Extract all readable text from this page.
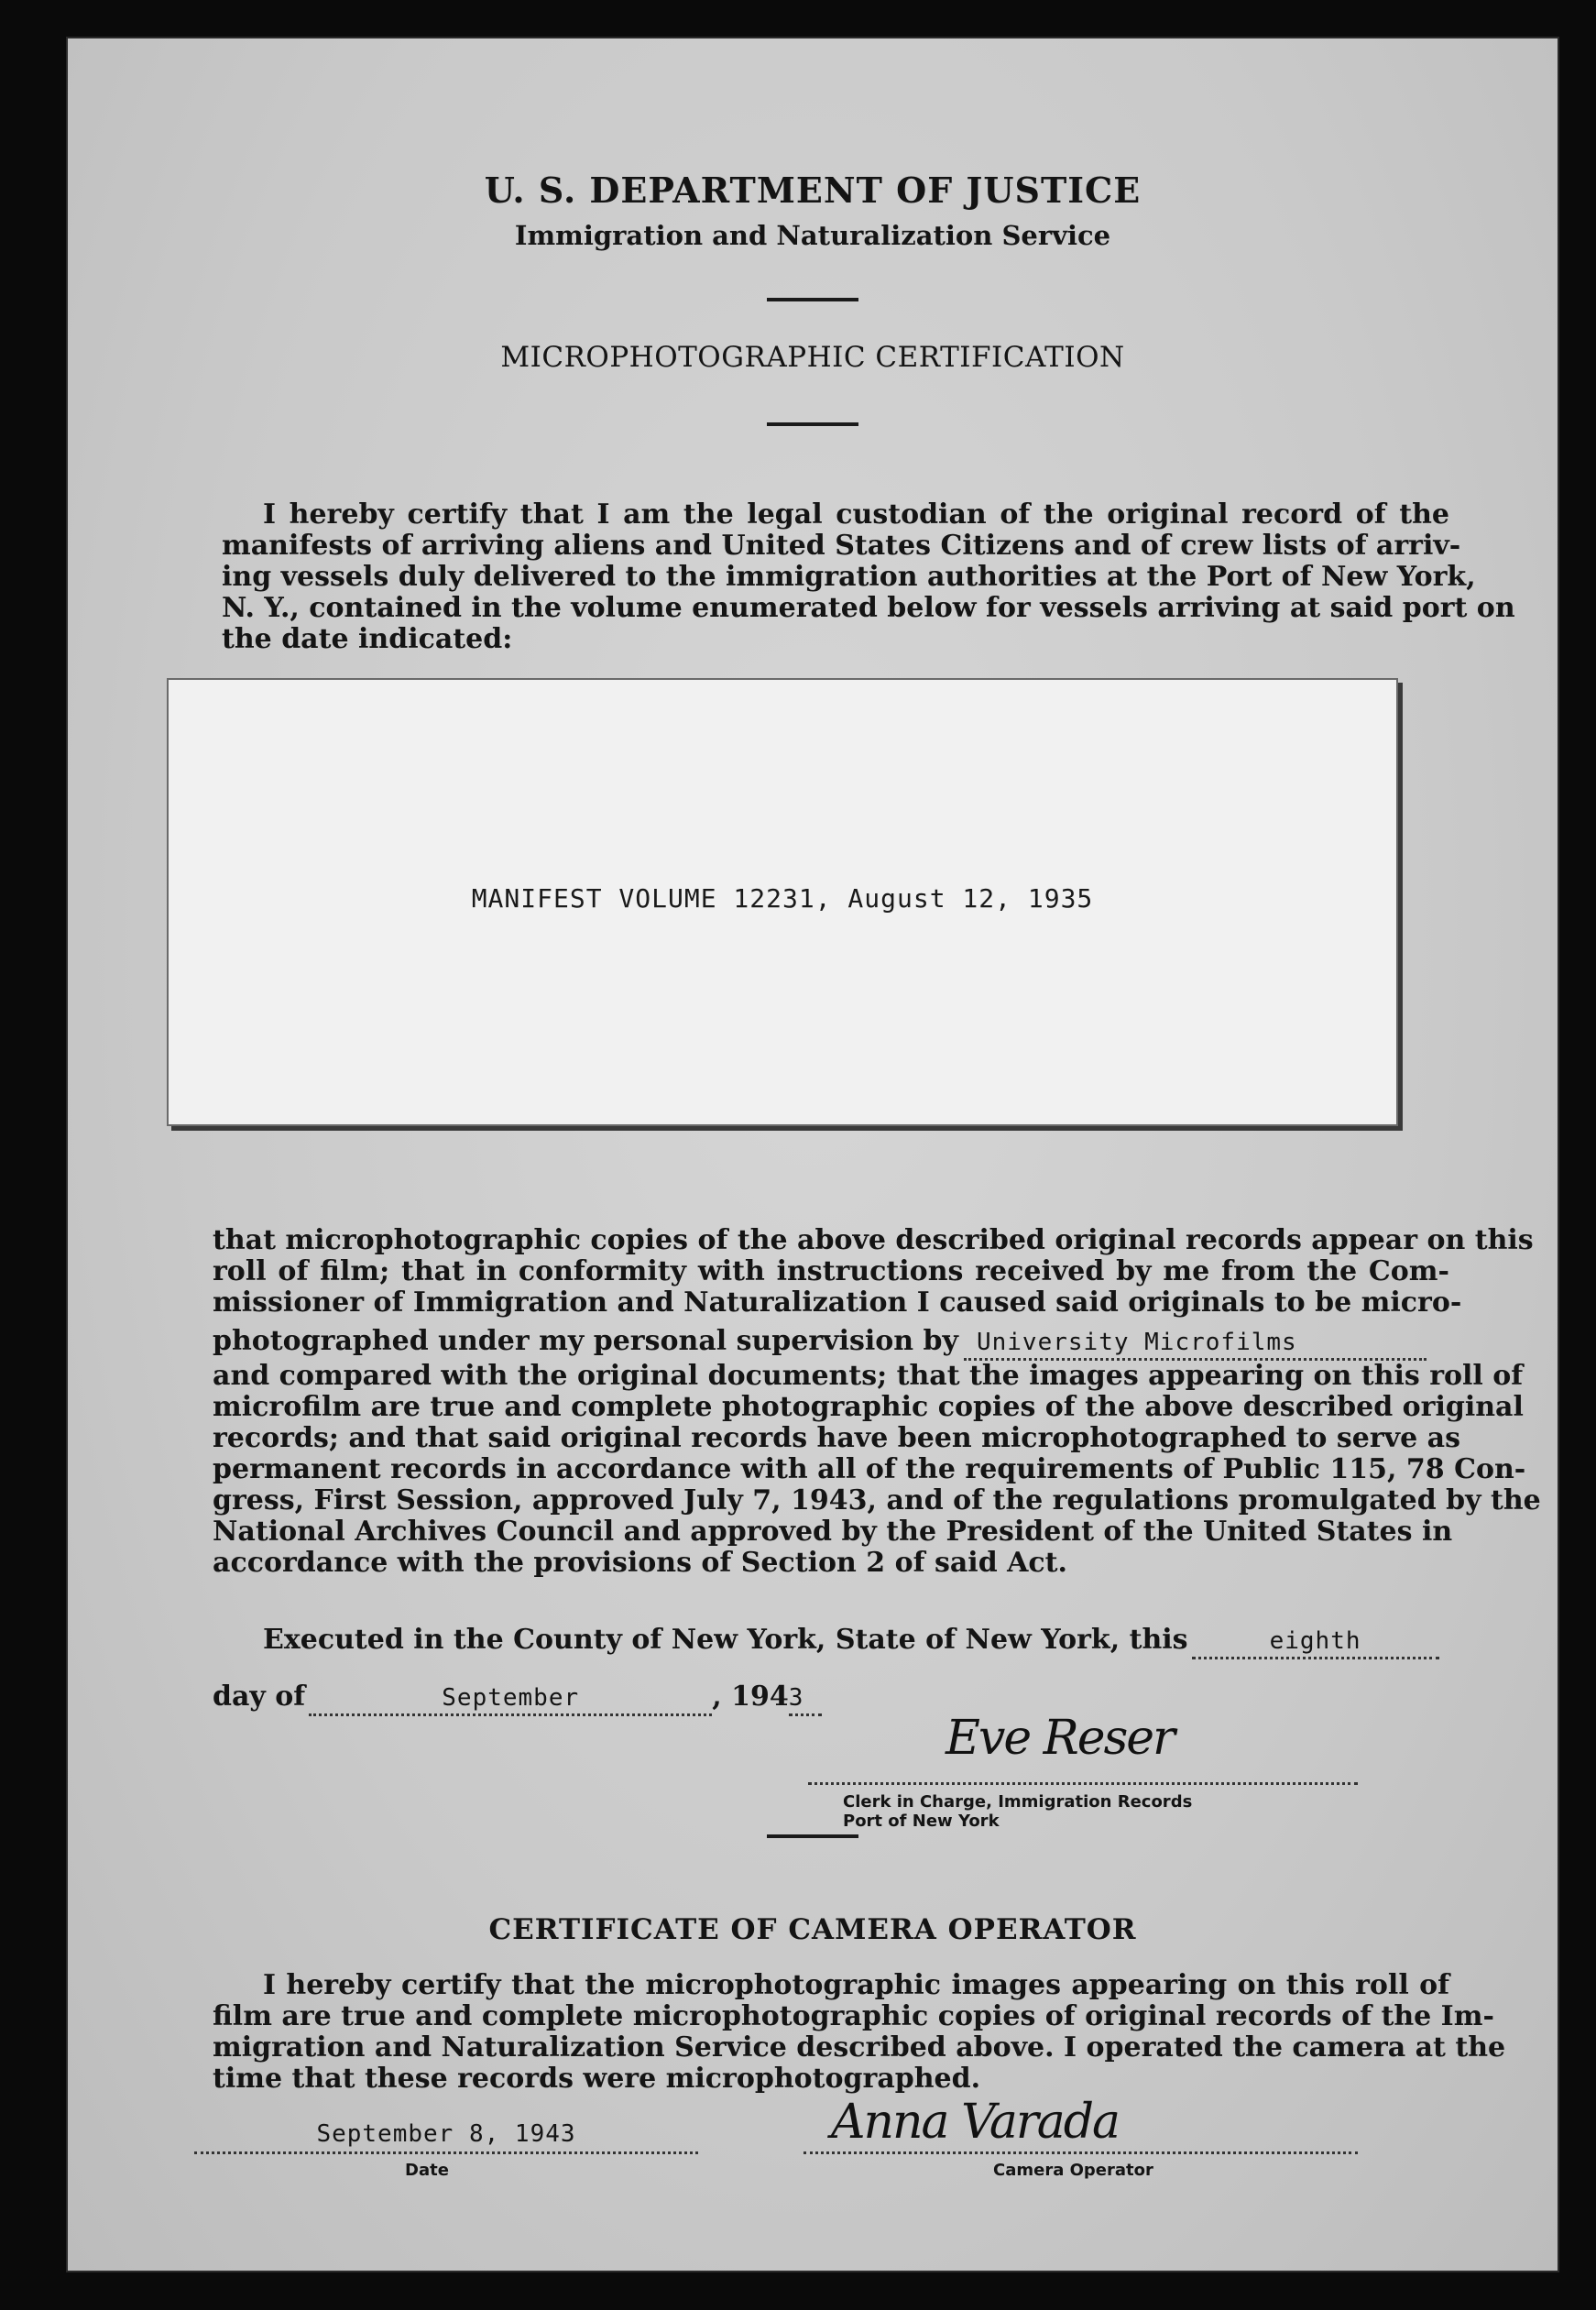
U. S. DEPARTMENT OF JUSTICE
Immigration and Naturalization Service
MICROPHOTOGRAPHIC CERTIFICATION
I hereby certify that I am the legal custodian of the original record of the
manifests of arriving aliens and United States Citizens and of crew lists of arriv-
ing vessels duly delivered to the immigration authorities at the Port of New York,
N. Y., contained in the volume enumerated below for vessels arriving at said port on
the date indicated:
MANIFEST VOLUME 12231, August 12, 1935
that microphotographic copies of the above described original records appear on this
roll of film; that in conformity with instructions received by me from the Com-
missioner of Immigration and Naturalization I caused said originals to be micro-
photographed under my personal supervision by University Microfilms
and compared with the original documents; that the images appearing on this roll of
microfilm are true and complete photographic copies of the above described original
records; and that said original records have been microphotographed to serve as
permanent records in accordance with all of the requirements of Public 115, 78 Con-
gress, First Session, approved July 7, 1943, and of the regulations promulgated by the
National Archives Council and approved by the President of the United States in
accordance with the provisions of Section 2 of said Act.
Executed in the County of New York, State of New York, this	eighth
day of	September	, 1943
Eve Reser
Clerk in Charge, Immigration Records
Port of New York
CERTIFICATE OF CAMERA OPERATOR
I hereby certify that the microphotographic images appearing on this roll of
film are true and complete microphotographic copies of original records of the Im-
migration and Naturalization Service described above. I operated the camera at the
time that these records were microphotographed.
September 8, 1943
Date
Anna Varada
Camera Operator
